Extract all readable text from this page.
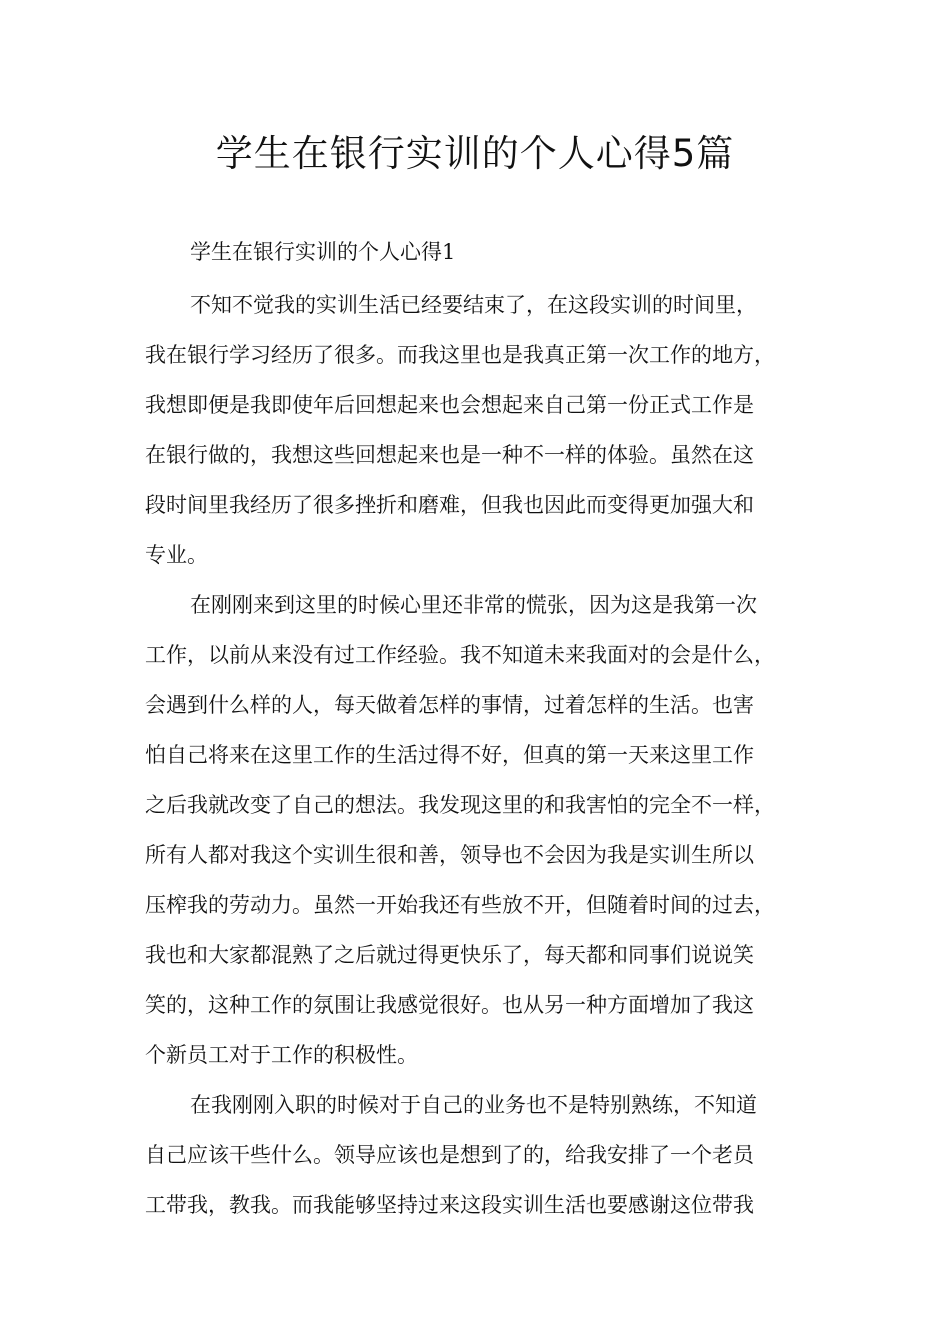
学生在银行实训的个人心得5篇
学生在银行实训的个人心得1

不知不觉我的实训生活已经要结束了，在这段实训的时间里，
我在银行学习经历了很多。而我这里也是我真正第一次工作的地方，
我想即便是我即使年后回想起来也会想起来自己第一份正式工作是
在银行做的，我想这些回想起来也是一种不一样的体验。虽然在这
段时间里我经历了很多挫折和磨难，但我也因此而变得更加强大和
专业。

在刚刚来到这里的时候心里还非常的慌张，因为这是我第一次
工作，以前从来没有过工作经验。我不知道未来我面对的会是什么，
会遇到什么样的人，每天做着怎样的事情，过着怎样的生活。也害
怕自己将来在这里工作的生活过得不好，但真的第一天来这里工作
之后我就改变了自己的想法。我发现这里的和我害怕的完全不一样，
所有人都对我这个实训生很和善，领导也不会因为我是实训生所以
压榨我的劳动力。虽然一开始我还有些放不开，但随着时间的过去，
我也和大家都混熟了之后就过得更快乐了，每天都和同事们说说笑
笑的，这种工作的氛围让我感觉很好。也从另一种方面增加了我这
个新员工对于工作的积极性。

在我刚刚入职的时候对于自己的业务也不是特别熟练，不知道
自己应该干些什么。领导应该也是想到了的，给我安排了一个老员
工带我，教我。而我能够坚持过来这段实训生活也要感谢这位带我
